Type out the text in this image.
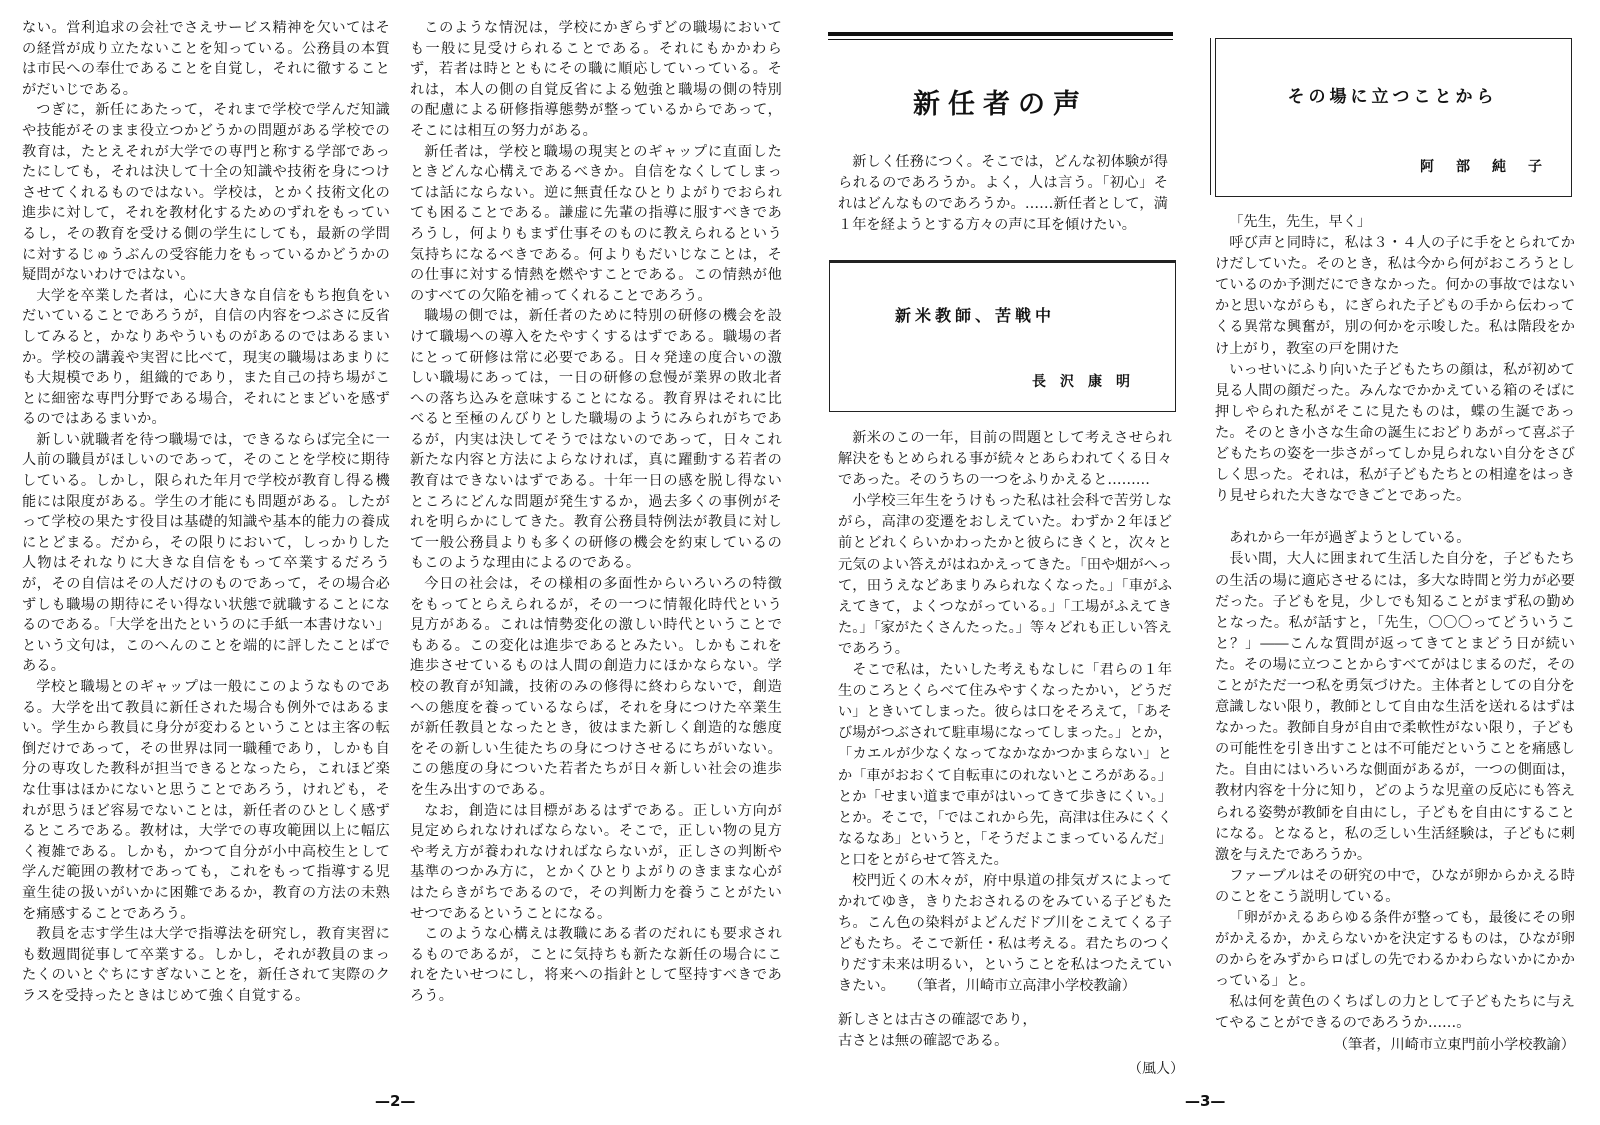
ない。営利追求の会社でさえサービス精神を欠いてはその経営が成り立たないことを知っている。公務員の本質は市民への奉仕であることを自覚し，それに徹することがだいじである。

つぎに，新任にあたって，それまで学校で学んだ知識や技能がそのまま役立つかどうかの問題がある学校での教育は，たとえそれが大学での専門と称する学部であったにしても，それは決して十全の知識や技術を身につけさせてくれるものではない。学校は，とかく技術文化の進歩に対して，それを教材化するためのずれをもっているし，その教育を受ける側の学生にしても，最新の学問に対するじゅうぶんの受容能力をもっているかどうかの疑問がないわけではない。

大学を卒業した者は，心に大きな自信をもち抱負をいだいていることであろうが，自信の内容をつぶさに反省してみると，かなりあやういものがあるのではあるまいか。学校の講義や実習に比べて，現実の職場はあまりにも大規模であり，組織的であり，また自己の持ち場がことに細密な専門分野である場合，それにとまどいを感ずるのではあるまいか。

新しい就職者を待つ職場では，できるならば完全に一人前の職員がほしいのであって，そのことを学校に期待している。しかし，限られた年月で学校が教育し得る機能には限度がある。学生の才能にも問題がある。したがって学校の果たす役目は基礎的知識や基本的能力の養成にとどまる。だから，その限りにおいて，しっかりした人物はそれなりに大きな自信をもって卒業するだろうが，その自信はその人だけのものであって，その場合必ずしも職場の期待にそい得ない状態で就職することになるのである。「大学を出たというのに手紙一本書けない」という文句は，このへんのことを端的に評したことばである。

学校と職場とのギャップは一般にこのようなものである。大学を出て教員に新任された場合も例外ではあるまい。学生から教員に身分が変わるということは主客の転倒だけであって，その世界は同一職種であり，しかも自分の専攻した教科が担当できるとなったら，これほど楽な仕事はほかにないと思うことであろう，けれども，それが思うほど容易でないことは，新任者のひとしく感ずるところである。教材は，大学での専攻範囲以上に幅広く複雑である。しかも，かつて自分が小中高校生として学んだ範囲の教材であっても，これをもって指導する児童生徒の扱いがいかに困難であるか，教育の方法の未熟を痛感することであろう。

教員を志す学生は大学で指導法を研究し，教育実習にも数週間従事して卒業する。しかし，それが教員のまったくのいとぐちにすぎないことを，新任されて実際のクラスを受持ったときはじめて強く自覚する。

このような情況は，学校にかぎらずどの職場においても一般に見受けられることである。それにもかかわらず，若者は時とともにその職に順応していっている。それは，本人の側の自覚反省による勉強と職場の側の特別の配慮による研修指導態勢が整っているからであって，そこには相互の努力がある。

新任者は，学校と職場の現実とのギャップに直面したときどんな心構えであるべきか。自信をなくしてしまっては話にならない。逆に無責任なひとりよがりでおられても困ることである。謙虚に先輩の指導に服すべきであろうし，何よりもまず仕事そのものに教えられるという気持ちになるべきである。何よりもだいじなことは，その仕事に対する情熱を燃やすことである。この情熱が他のすべての欠陥を補ってくれることであろう。

職場の側では，新任者のために特別の研修の機会を設けて職場への導入をたやすくするはずである。職場の者にとって研修は常に必要である。日々発達の度合いの激しい職場にあっては，一日の研修の怠慢が業界の敗北者への落ち込みを意味することになる。教育界はそれに比べると至極のんびりとした職場のようにみられがちであるが，内実は決してそうではないのであって，日々これ新たな内容と方法によらなければ，真に躍動する若者の教育はできないはずである。十年一日の感を脱し得ないところにどんな問題が発生するか，過去多くの事例がそれを明らかにしてきた。教育公務員特例法が教員に対して一般公務員よりも多くの研修の機会を約束しているのもこのような理由によるのである。

今日の社会は，その様相の多面性からいろいろの特徴をもってとらえられるが，その一つに情報化時代という見方がある。これは情勢変化の激しい時代ということでもある。この変化は進歩であるとみたい。しかもこれを進歩させているものは人間の創造力にほかならない。学校の教育が知識，技術のみの修得に終わらないで，創造への態度を養っているならば，それを身につけた卒業生が新任教員となったとき，彼はまた新しく創造的な態度をその新しい生徒たちの身につけさせるにちがいない。この態度の身についた若者たちが日々新しい社会の進歩を生み出すのである。

なお，創造には目標があるはずである。正しい方向が見定められなければならない。そこで，正しい物の見方や考え方が養われなければならないが，正しさの判断や基準のつかみ方に，とかくひとりよがりのきままな心がはたらきがちであるので，その判断力を養うことがたいせつであるということになる。

このような心構えは教職にある者のだれにも要求されるものであるが，ことに気持ちも新たな新任の場合にこれをたいせつにし，将来への指針として堅持すべきであろう。

—2—
新任者の声
新しく任務につく。そこでは，どんな初体験が得られるのであろうか。よく，人は言う。「初心」それはどんなものであろうか。……新任者として，満１年を経ようとする方々の声に耳を傾けたい。
新米教師、苦戦中
長沢康明

新米のこの一年，目前の問題として考えさせられ解決をもとめられる事が続々とあらわれてくる日々であった。そのうちの一つをふりかえると………

小学校三年生をうけもった私は社会科で苦労しながら，高津の変遷をおしえていた。わずか２年ほど前とどれくらいかわったかと彼らにきくと，次々と元気のよい答えがはねかえってきた。「田や畑がへって，田うえなどあまりみられなくなった。」「車がふえてきて，よくつながっている。」「工場がふえてきた。」「家がたくさんたった。」等々どれも正しい答えであろう。

そこで私は，たいした考えもなしに「君らの１年生のころとくらべて住みやすくなったかい，どうだい」ときいてしまった。彼らは口をそろえて，「あそび場がつぶされて駐車場になってしまった。」とか，「カエルが少なくなってなかなかつかまらない」とか「車がおおくて自転車にのれないところがある。」とか「せまい道まで車がはいってきて歩きにくい。」とか。そこで，「ではこれから先，高津は住みにくくなるなあ」というと，「そうだよこまっているんだ」と口をとがらせて答えた。

校門近くの木々が，府中県道の排気ガスによってかれてゆき，きりたおされるのをみている子どもたち。こん色の染料がよどんだドブ川をこえてくる子どもたち。そこで新任・私は考える。君たちのつくりだす未来は明るい，ということを私はつたえていきたい。　　（筆者，川崎市立高津小学校教諭）

新しさとは古さの確認であり，
古さとは無の確認である。
（風人）
その場に立つことから
阿部純子

「先生，先生，早く」

呼び声と同時に，私は３・４人の子に手をとられてかけだしていた。そのとき，私は今から何がおころうとしているのか予測だにできなかった。何かの事故ではないかと思いながらも，にぎられた子どもの手から伝わってくる異常な興奮が，別の何かを示唆した。私は階段をかけ上がり，教室の戸を開けた

いっせいにふり向いた子どもたちの顔は，私が初めて見る人間の顔だった。みんなでかかえている箱のそばに押しやられた私がそこに見たものは，蝶の生誕であった。そのとき小さな生命の誕生におどりあがって喜ぶ子どもたちの姿を一歩さがってしか見られない自分をさびしく思った。それは，私が子どもたちとの相違をはっきり見せられた大きなできごとであった。

あれから一年が過ぎようとしている。

長い間，大人に囲まれて生活した自分を，子どもたちの生活の場に適応させるには，多大な時間と労力が必要だった。子どもを見，少しでも知ることがまず私の勤めとなった。私が話すと，「先生，〇〇〇ってどういうこと？」――こんな質問が返ってきてとまどう日が続いた。その場に立つことからすべてがはじまるのだ，そのことがただ一つ私を勇気づけた。主体者としての自分を意識しない限り，教師として自由な生活を送れるはずはなかった。教師自身が自由で柔軟性がない限り，子どもの可能性を引き出すことは不可能だということを痛感した。自由にはいろいろな側面があるが，一つの側面は，教材内容を十分に知り，どのような児童の反応にも答えられる姿勢が教師を自由にし，子どもを自由にすることになる。となると，私の乏しい生活経験は，子どもに刺激を与えたであろうか。

ファーブルはその研究の中で，ひなが卵からかえる時のことをこう説明している。

「卵がかえるあらゆる条件が整っても，最後にその卵がかえるか，かえらないかを決定するものは，ひなが卵のからをみずからロばしの先でわるかわらないかにかかっている」と。

私は何を黄色のくちばしの力として子どもたちに与えてやることができるのであろうか……。

（筆者，川崎市立東門前小学校教諭）

—3—
